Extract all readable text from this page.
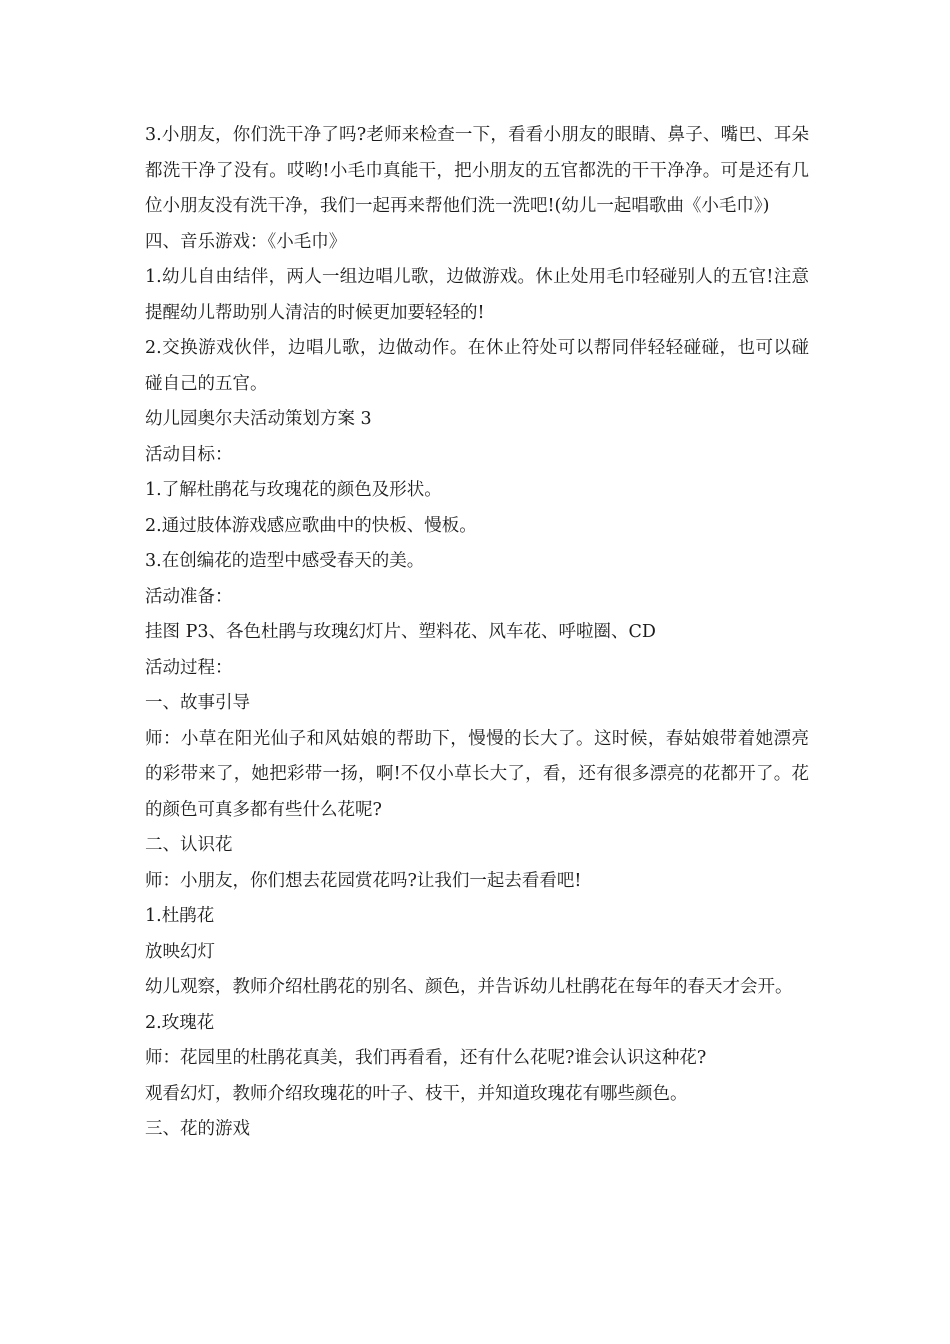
3.小朋友，你们洗干净了吗?老师来检查一下，看看小朋友的眼睛、鼻子、嘴巴、耳朵都洗干净了没有。哎哟!小毛巾真能干，把小朋友的五官都洗的干干净净。可是还有几位小朋友没有洗干净，我们一起再来帮他们洗一洗吧!(幼儿一起唱歌曲《小毛巾》)

四、音乐游戏：《小毛巾》

1.幼儿自由结伴，两人一组边唱儿歌，边做游戏。休止处用毛巾轻碰别人的五官!注意提醒幼儿帮助别人清洁的时候更加要轻轻的!

2.交换游戏伙伴，边唱儿歌，边做动作。在休止符处可以帮同伴轻轻碰碰，也可以碰碰自己的五官。

幼儿园奥尔夫活动策划方案 3

活动目标：

1.了解杜鹃花与玫瑰花的颜色及形状。

2.通过肢体游戏感应歌曲中的快板、慢板。

3.在创编花的造型中感受春天的美。

活动准备：

挂图 P3、各色杜鹃与玫瑰幻灯片、塑料花、风车花、呼啦圈、CD

活动过程：

一、故事引导

师：小草在阳光仙子和风姑娘的帮助下，慢慢的长大了。这时候，春姑娘带着她漂亮的彩带来了，她把彩带一扬，啊!不仅小草长大了，看，还有很多漂亮的花都开了。花的颜色可真多都有些什么花呢?

二、认识花

师：小朋友，你们想去花园赏花吗?让我们一起去看看吧!

1.杜鹃花

放映幻灯

幼儿观察，教师介绍杜鹃花的别名、颜色，并告诉幼儿杜鹃花在每年的春天才会开。

2.玫瑰花

师：花园里的杜鹃花真美，我们再看看，还有什么花呢?谁会认识这种花?

观看幻灯，教师介绍玫瑰花的叶子、枝干，并知道玫瑰花有哪些颜色。

三、花的游戏
